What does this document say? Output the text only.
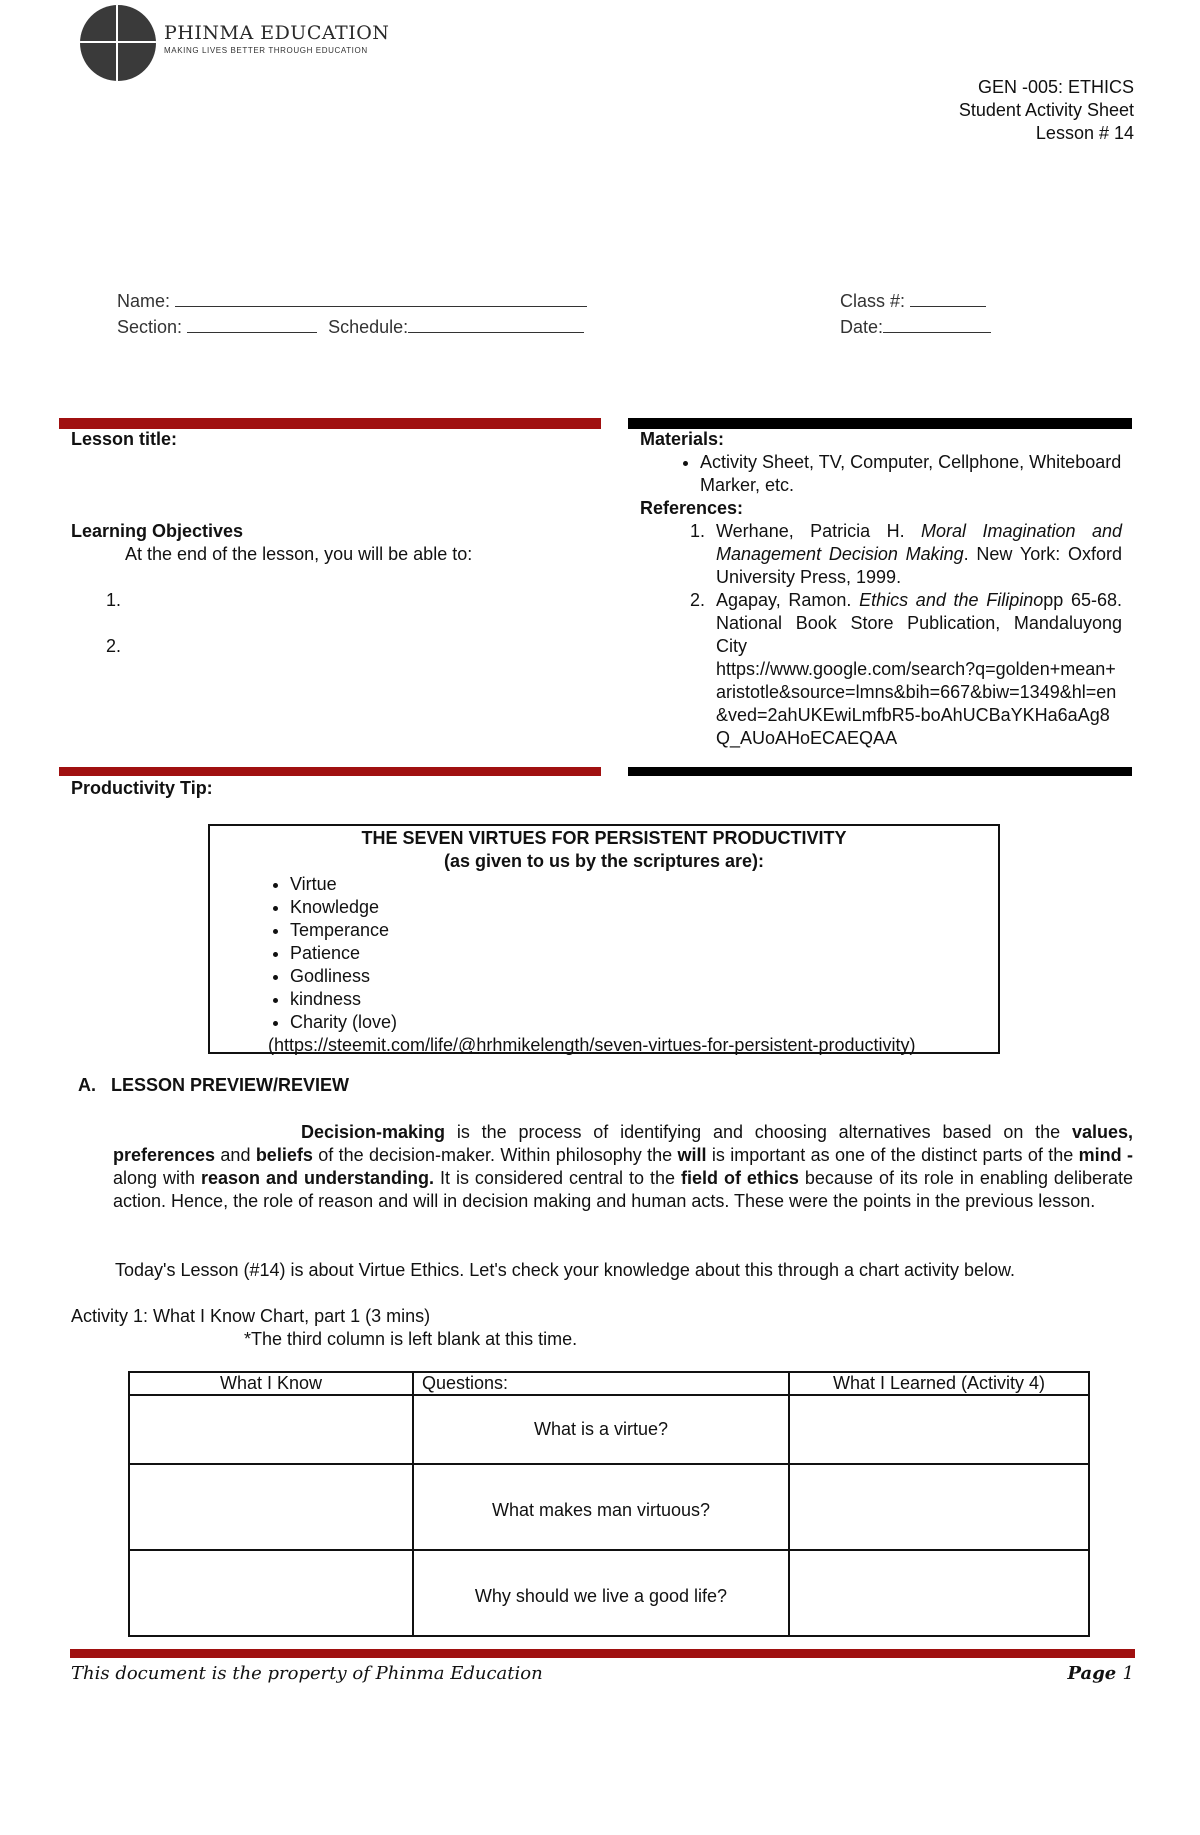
PHINMA EDUCATION
MAKING LIVES BETTER THROUGH EDUCATION
GEN -005: ETHICS
Student Activity Sheet
Lesson # 14
Name:	Class #:
Section:	Schedule:	Date:
Lesson title:
Learning Objectives
At the end of the lesson, you will be able to:
1.
2.
Materials:
• Activity Sheet, TV, Computer, Cellphone, Whiteboard Marker, etc.
References:
1. Werhane, Patricia H. Moral Imagination and Management Decision Making. New York: Oxford University Press, 1999.
2. Agapay, Ramon. Ethics and the Filipinopp 65-68. National Book Store Publication, Mandaluyong City
3. https://www.google.com/search?q=golden+mean+aristotle&source=lmns&bih=667&biw=1349&hl=en&ved=2ahUKEwiLmfbR5-boAhUCBaYKHa6aAg8Q_AUoAHoECAEQAA
Productivity Tip:
THE SEVEN VIRTUES FOR PERSISTENT PRODUCTIVITY
(as given to us by the scriptures are):
• Virtue
• Knowledge
• Temperance
• Patience
• Godliness
• kindness
• Charity (love)
(https://steemit.com/life/@hrhmikelength/seven-virtues-for-persistent-productivity)
A. LESSON PREVIEW/REVIEW
Decision-making is the process of identifying and choosing alternatives based on the values, preferences and beliefs of the decision-maker. Within philosophy the will is important as one of the distinct parts of the mind - along with reason and understanding. It is considered central to the field of ethics because of its role in enabling deliberate action. Hence, the role of reason and will in decision making and human acts. These were the points in the previous lesson.
Today's Lesson (#14) is about Virtue Ethics. Let's check your knowledge about this through a chart activity below.
Activity 1: What I Know Chart, part 1 (3 mins)
*The third column is left blank at this time.
What I Know	Questions:	What I Learned (Activity 4)
	What is a virtue?	
	What makes man virtuous?	
	Why should we live a good life?	
This document is the property of Phinma Education	Page 1
